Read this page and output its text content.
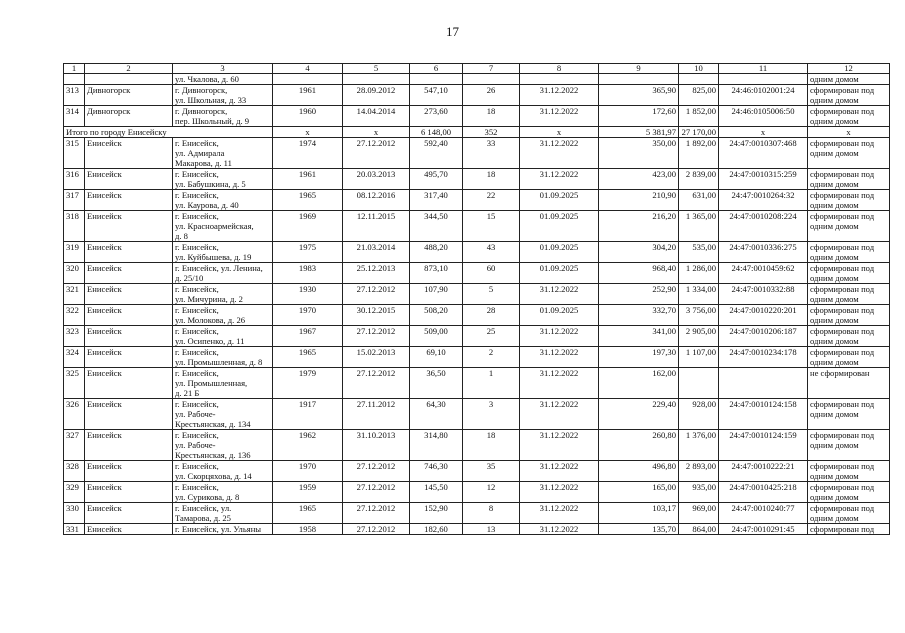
17
1	2	3	4	5	6	7	8	9	10	11	12

		ул. Чкалова, д. 60									одним домом

313	Дивногорск	г. Дивногорск,
ул. Школьная, д. 33	1961	28.09.2012	547,10	26	31.12.2022	365,90	825,00	24:46:0102001:24	сформирован под
одним домом

314	Дивногорск	г. Дивногорск,
пер. Школьный, д. 9	1960	14.04.2014	273,60	18	31.12.2022	172,60	1 852,00	24:46:0105006:50	сформирован под
одним домом

Итого по городу Енисейску			x	x	6 148,00	352	x	5 381,97	27 170,00	x	x
315	Енисейск	г. Енисейск,
ул. Адмирала
Макарова, д. 11	1974	27.12.2012	592,40	33	31.12.2022	350,00	1 892,00	24:47:0010307:468	сформирован под
одним домом

316	Енисейск	г. Енисейск,
ул. Бабушкина, д. 5	1961	20.03.2013	495,70	18	31.12.2022	423,00	2 839,00	24:47:0010315:259	сформирован под
одним домом

317	Енисейск	г. Енисейск,
ул. Каурова, д. 40	1965	08.12.2016	317,40	22	01.09.2025	210,90	631,00	24:47:0010264:32	сформирован под
одним домом

318	Енисейск	г. Енисейск,
ул. Красноармейская,
д. 8	1969	12.11.2015	344,50	15	01.09.2025	216,20	1 365,00	24:47:0010208:224	сформирован под
одним домом

319	Енисейск	г. Енисейск,
ул. Куйбышева, д. 19	1975	21.03.2014	488,20	43	01.09.2025	304,20	535,00	24:47:0010336:275	сформирован под
одним домом

320	Енисейск	г. Енисейск, ул. Ленина,
д. 25/10	1983	25.12.2013	873,10	60	01.09.2025	968,40	1 286,00	24:47:0010459:62	сформирован под
одним домом

321	Енисейск	г. Енисейск,
ул. Мичурина, д. 2	1930	27.12.2012	107,90	5	31.12.2022	252,90	1 334,00	24:47:0010332:88	сформирован под
одним домом

322	Енисейск	г. Енисейск,
ул. Молокова, д. 26	1970	30.12.2015	508,20	28	01.09.2025	332,70	3 756,00	24:47:0010220:201	сформирован под
одним домом

323	Енисейск	г. Енисейск,
ул. Осипенко, д. 11	1967	27.12.2012	509,00	25	31.12.2022	341,00	2 905,00	24:47:0010206:187	сформирован под
одним домом

324	Енисейск	г. Енисейск,
ул. Промышленная, д. 8	1965	15.02.2013	69,10	2	31.12.2022	197,30	1 107,00	24:47:0010234:178	сформирован под
одним домом

325	Енисейск	г. Енисейск,
ул. Промышленная,
д. 21 Б	1979	27.12.2012	36,50	1	31.12.2022	162,00			не сформирован

326	Енисейск	г. Енисейск,
ул. Рабоче-
Крестьянская, д. 134	1917	27.11.2012	64,30	3	31.12.2022	229,40	928,00	24:47:0010124:158	сформирован под
одним домом

327	Енисейск	г. Енисейск,
ул. Рабоче-
Крестьянская, д. 136	1962	31.10.2013	314,80	18	31.12.2022	260,80	1 376,00	24:47:0010124:159	сформирован под
одним домом

328	Енисейск	г. Енисейск,
ул. Скорцяхова, д. 14	1970	27.12.2012	746,30	35	31.12.2022	496,80	2 893,00	24:47:0010222:21	сформирован под
одним домом

329	Енисейск	г. Енисейск,
ул. Сурикова, д. 8	1959	27.12.2012	145,50	12	31.12.2022	165,00	935,00	24:47:0010425:218	сформирован под
одним домом

330	Енисейск	г. Енисейск, ул.
Тамарова, д. 25	1965	27.12.2012	152,90	8	31.12.2022	103,17	969,00	24:47:0010240:77	сформирован под
одним домом

331	Енисейск	г. Енисейск, ул. Ульяны	1958	27.12.2012	182,60	13	31.12.2022	135,70	864,00	24:47:0010291:45	сформирован под
